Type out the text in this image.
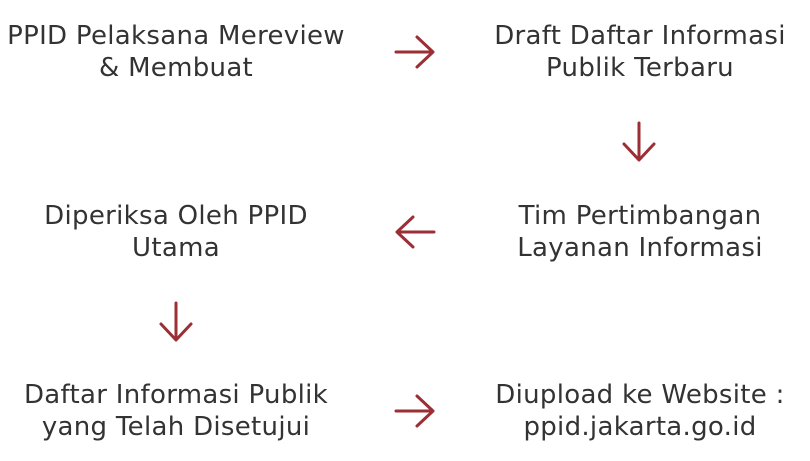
PPID Pelaksana Mereview
& Membuat
Draft Daftar Informasi
Publik Terbaru
Diperiksa Oleh PPID
Utama
Tim Pertimbangan
Layanan Informasi
Daftar Informasi Publik
yang Telah Disetujui
Diupload ke Website :
ppid.jakarta.go.id
